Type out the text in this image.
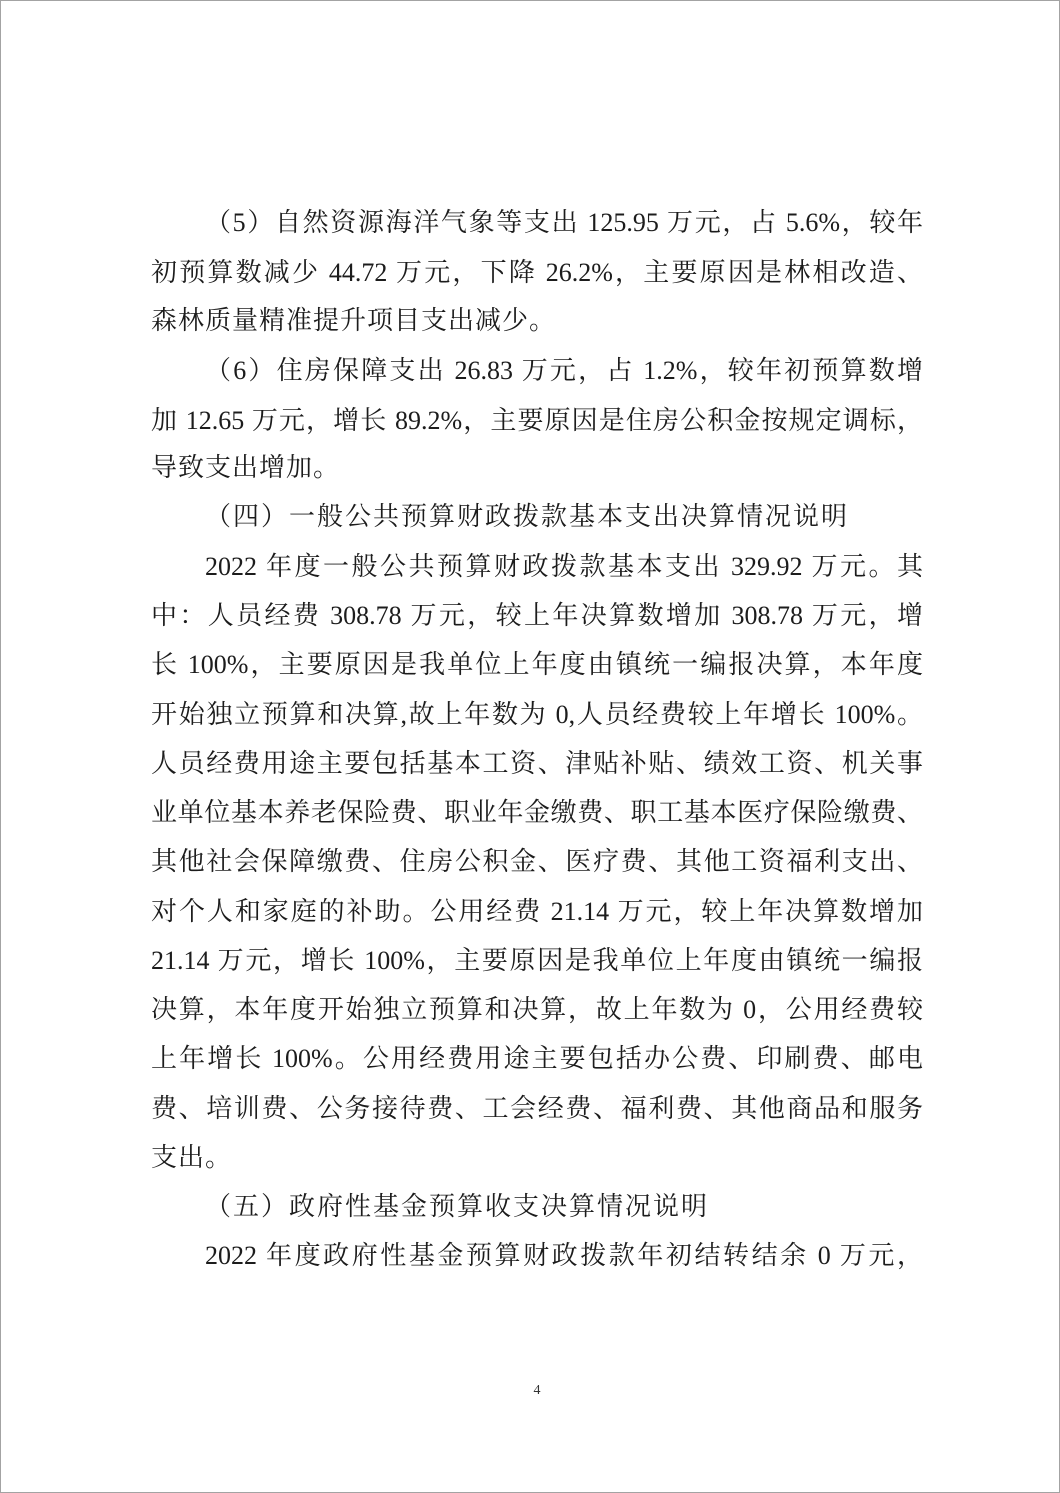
（5）自然资源海洋气象等支出 125.95 万元，占 5.6%，较年
初预算数减少 44.72 万元，下降 26.2%，主要原因是林相改造、
森林质量精准提升项目支出减少。
（6）住房保障支出 26.83 万元，占 1.2%，较年初预算数增
加 12.65 万元，增长 89.2%，主要原因是住房公积金按规定调标，
导致支出增加。
（四）一般公共预算财政拨款基本支出决算情况说明
2022 年度一般公共预算财政拨款基本支出 329.92 万元。其
中：人员经费 308.78 万元，较上年决算数增加 308.78 万元，增
长 100%，主要原因是我单位上年度由镇统一编报决算，本年度
开始独立预算和决算,故上年数为 0,人员经费较上年增长 100%。
人员经费用途主要包括基本工资、津贴补贴、绩效工资、机关事
业单位基本养老保险费、职业年金缴费、职工基本医疗保险缴费、
其他社会保障缴费、住房公积金、医疗费、其他工资福利支出、
对个人和家庭的补助。公用经费 21.14 万元，较上年决算数增加
21.14 万元，增长 100%，主要原因是我单位上年度由镇统一编报
决算，本年度开始独立预算和决算，故上年数为 0，公用经费较
上年增长 100%。公用经费用途主要包括办公费、印刷费、邮电
费、培训费、公务接待费、工会经费、福利费、其他商品和服务
支出。
（五）政府性基金预算收支决算情况说明
2022 年度政府性基金预算财政拨款年初结转结余 0 万元，
4
